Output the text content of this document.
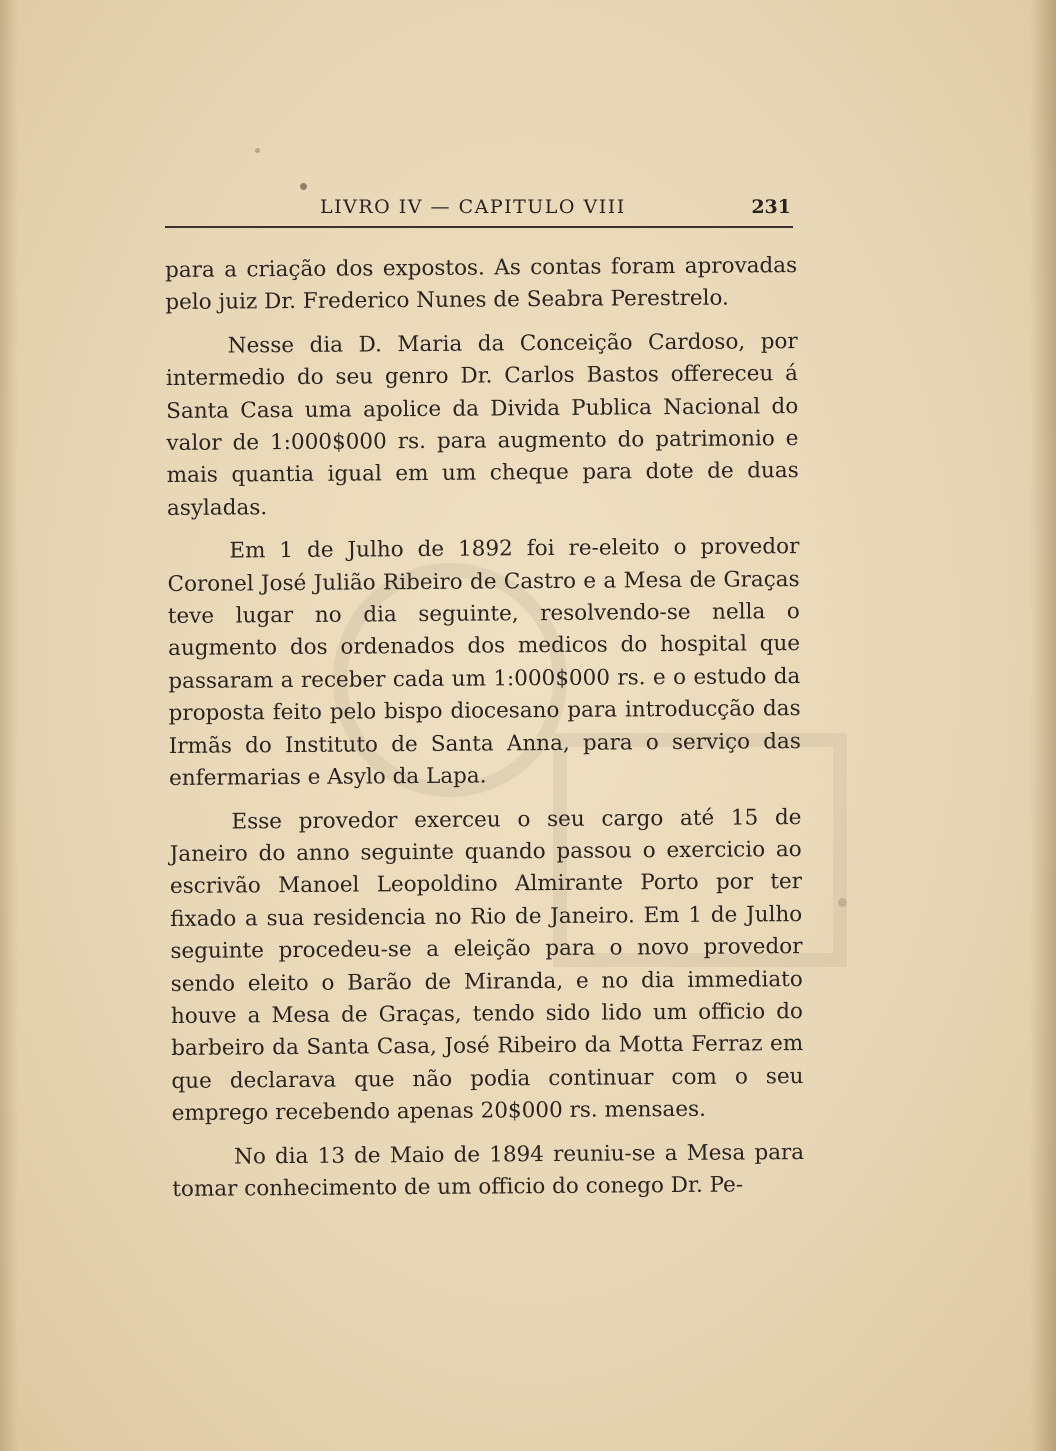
LIVRO IV — CAPITULO VIII	231

para a criação dos expostos. As contas foram aprovadas pelo juiz Dr. Frederico Nunes de Seabra Perestrelo.

Nesse dia D. Maria da Conceição Cardoso, por intermedio do seu genro Dr. Carlos Bastos offereceu á Santa Casa uma apolice da Divida Publica Nacional do valor de 1:000$000 rs. para augmento do patrimonio e mais quantia igual em um cheque para dote de duas asyladas.

Em 1 de Julho de 1892 foi re-eleito o provedor Coronel José Julião Ribeiro de Castro e a Mesa de Graças teve lugar no dia seguinte, resolvendo-se nella o augmento dos ordenados dos medicos do hospital que passaram a receber cada um 1:000$000 rs. e o estudo da proposta feito pelo bispo diocesano para introducção das Irmãs do Instituto de Santa Anna, para o serviço das enfermarias e Asylo da Lapa.

Esse provedor exerceu o seu cargo até 15 de Janeiro do anno seguinte quando passou o exercicio ao escrivão Manoel Leopoldino Almirante Porto por ter fixado a sua residencia no Rio de Janeiro. Em 1 de Julho seguinte procedeu-se a eleição para o novo provedor sendo eleito o Barão de Miranda, e no dia immediato houve a Mesa de Graças, tendo sido lido um officio do barbeiro da Santa Casa, José Ribeiro da Motta Ferraz em que declarava que não podia continuar com o seu emprego recebendo apenas 20$000 rs. mensaes.

No dia 13 de Maio de 1894 reuniu-se a Mesa para tomar conhecimento de um officio do conego Dr. Pe-
